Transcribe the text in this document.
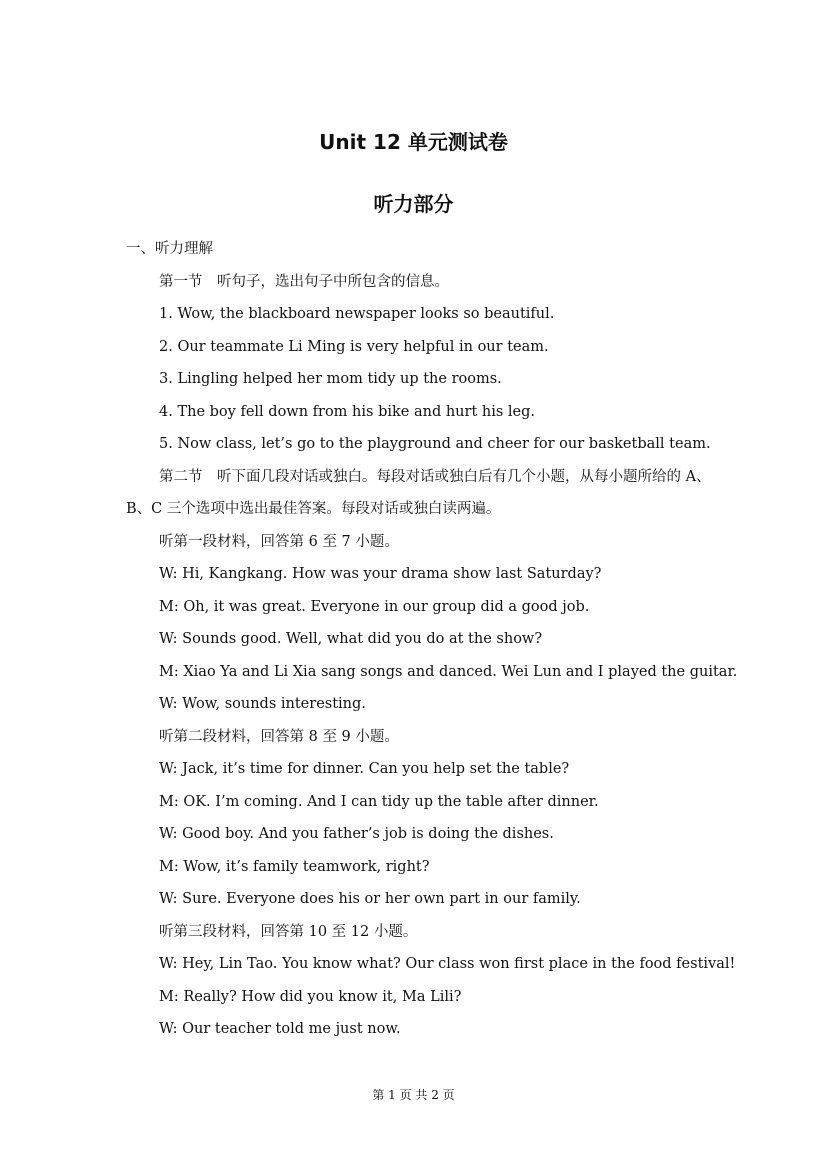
Unit 12 单元测试卷
听力部分

一、听力理解

第一节　听句子，选出句子中所包含的信息。

1. Wow, the blackboard newspaper looks so beautiful.

2. Our teammate Li Ming is very helpful in our team.

3. Lingling helped her mom tidy up the rooms.

4. The boy fell down from his bike and hurt his leg.

5. Now class, let’s go to the playground and cheer for our basketball team.

第二节　听下面几段对话或独白。每段对话或独白后有几个小题，从每小题所给的 A、B、C 三个选项中选出最佳答案。每段对话或独白读两遍。

听第一段材料，回答第 6 至 7 小题。

W: Hi, Kangkang. How was your drama show last Saturday?

M: Oh, it was great. Everyone in our group did a good job.

W: Sounds good. Well, what did you do at the show?

M: Xiao Ya and Li Xia sang songs and danced. Wei Lun and I played the guitar.

W: Wow, sounds interesting.

听第二段材料，回答第 8 至 9 小题。

W: Jack, it’s time for dinner. Can you help set the table?

M: OK. I’m coming. And I can tidy up the table after dinner.

W: Good boy. And you father’s job is doing the dishes.

M: Wow, it’s family teamwork, right?

W: Sure. Everyone does his or her own part in our family.

听第三段材料，回答第 10 至 12 小题。

W: Hey, Lin Tao. You know what? Our class won first place in the food festival!

M: Really? How did you know it, Ma Lili?

W: Our teacher told me just now.

第 1 页 共 2 页
